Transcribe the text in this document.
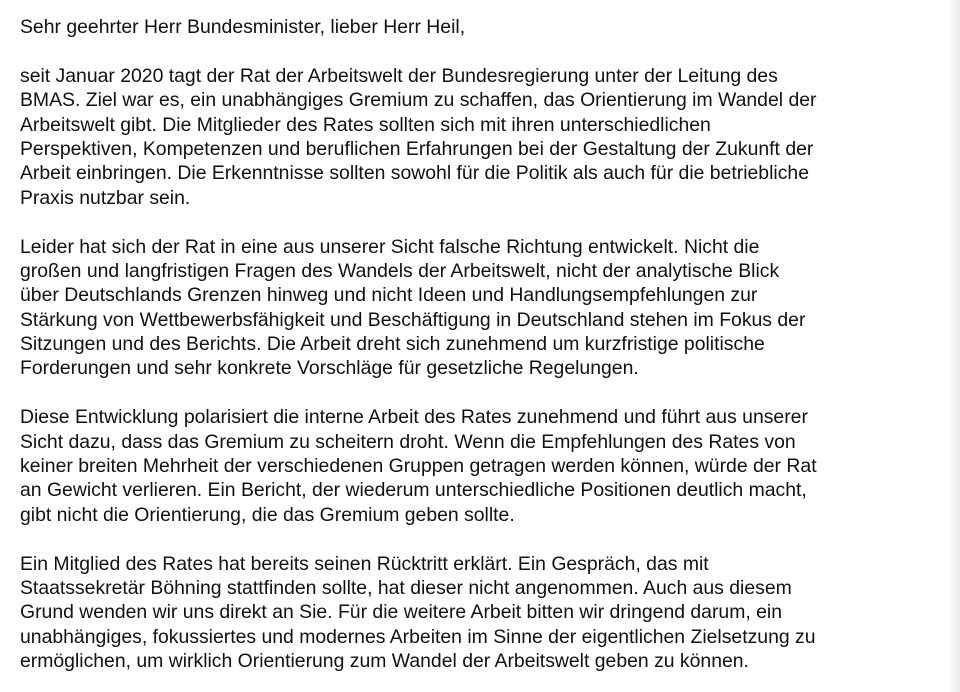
Sehr geehrter Herr Bundesminister, lieber Herr Heil,
seit Januar 2020 tagt der Rat der Arbeitswelt der Bundesregierung unter der Leitung des
BMAS. Ziel war es, ein unabhängiges Gremium zu schaffen, das Orientierung im Wandel der
Arbeitswelt gibt. Die Mitglieder des Rates sollten sich mit ihren unterschiedlichen
Perspektiven, Kompetenzen und beruflichen Erfahrungen bei der Gestaltung der Zukunft der
Arbeit einbringen. Die Erkenntnisse sollten sowohl für die Politik als auch für die betriebliche
Praxis nutzbar sein.
Leider hat sich der Rat in eine aus unserer Sicht falsche Richtung entwickelt. Nicht die
großen und langfristigen Fragen des Wandels der Arbeitswelt, nicht der analytische Blick
über Deutschlands Grenzen hinweg und nicht Ideen und Handlungsempfehlungen zur
Stärkung von Wettbewerbsfähigkeit und Beschäftigung in Deutschland stehen im Fokus der
Sitzungen und des Berichts. Die Arbeit dreht sich zunehmend um kurzfristige politische
Forderungen und sehr konkrete Vorschläge für gesetzliche Regelungen.
Diese Entwicklung polarisiert die interne Arbeit des Rates zunehmend und führt aus unserer
Sicht dazu, dass das Gremium zu scheitern droht. Wenn die Empfehlungen des Rates von
keiner breiten Mehrheit der verschiedenen Gruppen getragen werden können, würde der Rat
an Gewicht verlieren. Ein Bericht, der wiederum unterschiedliche Positionen deutlich macht,
gibt nicht die Orientierung, die das Gremium geben sollte.
Ein Mitglied des Rates hat bereits seinen Rücktritt erklärt. Ein Gespräch, das mit
Staatssekretär Böhning stattfinden sollte, hat dieser nicht angenommen. Auch aus diesem
Grund wenden wir uns direkt an Sie. Für die weitere Arbeit bitten wir dringend darum, ein
unabhängiges, fokussiertes und modernes Arbeiten im Sinne der eigentlichen Zielsetzung zu
ermöglichen, um wirklich Orientierung zum Wandel der Arbeitswelt geben zu können.
